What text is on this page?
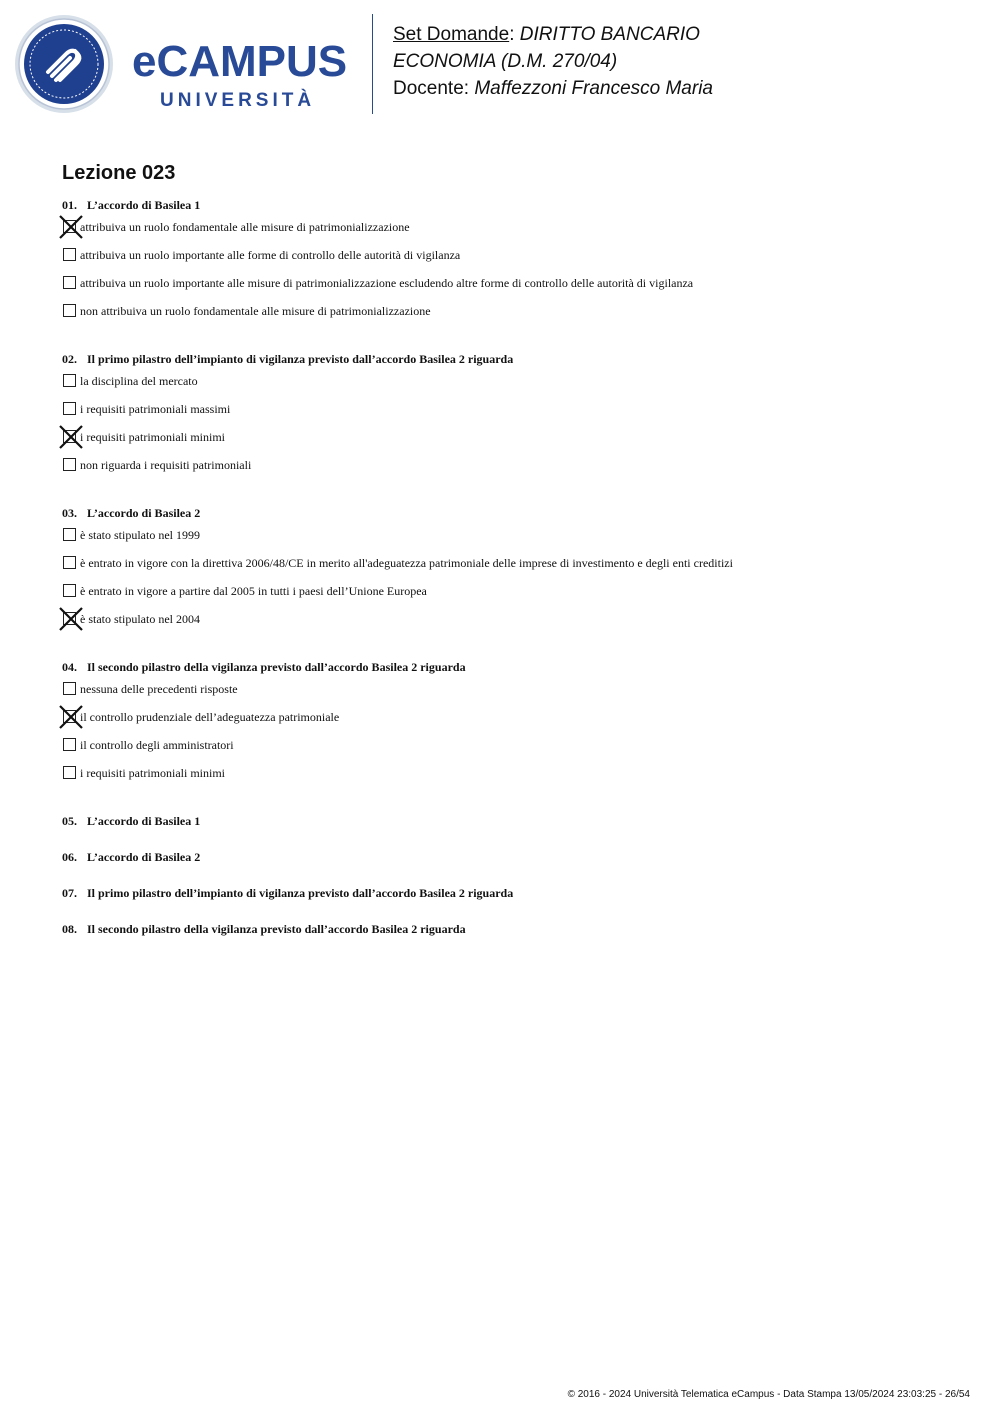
eCAMPUS
UNIVERSITÀ
Set Domande: DIRITTO BANCARIO
ECONOMIA (D.M. 270/04)
Docente: Maffezzoni Francesco Maria
Lezione 023
01. L’accordo di Basilea 1
attribuiva un ruolo fondamentale alle misure di patrimonializzazione
attribuiva un ruolo importante alle forme di controllo delle autorità di vigilanza
attribuiva un ruolo importante alle misure di patrimonializzazione escludendo altre forme di controllo delle autorità di vigilanza
non attribuiva un ruolo fondamentale alle misure di patrimonializzazione
02. Il primo pilastro dell’impianto di vigilanza previsto dall’accordo Basilea 2 riguarda
la disciplina del mercato
i requisiti patrimoniali massimi
i requisiti patrimoniali minimi
non riguarda i requisiti patrimoniali
03. L’accordo di Basilea 2
è stato stipulato nel 1999
è entrato in vigore con la direttiva 2006/48/CE in merito all'adeguatezza patrimoniale delle imprese di investimento e degli enti creditizi
è entrato in vigore a partire dal 2005 in tutti i paesi dell’Unione Europea
è stato stipulato nel 2004
04. Il secondo pilastro della vigilanza previsto dall’accordo Basilea 2 riguarda
nessuna delle precedenti risposte
il controllo prudenziale dell’adeguatezza patrimoniale
il controllo degli amministratori
i requisiti patrimoniali minimi
05. L’accordo di Basilea 1
06. L’accordo di Basilea 2
07. Il primo pilastro dell’impianto di vigilanza previsto dall’accordo Basilea 2 riguarda
08. Il secondo pilastro della vigilanza previsto dall’accordo Basilea 2 riguarda
© 2016 - 2024 Università Telematica eCampus - Data Stampa 13/05/2024 23:03:25 - 26/54
